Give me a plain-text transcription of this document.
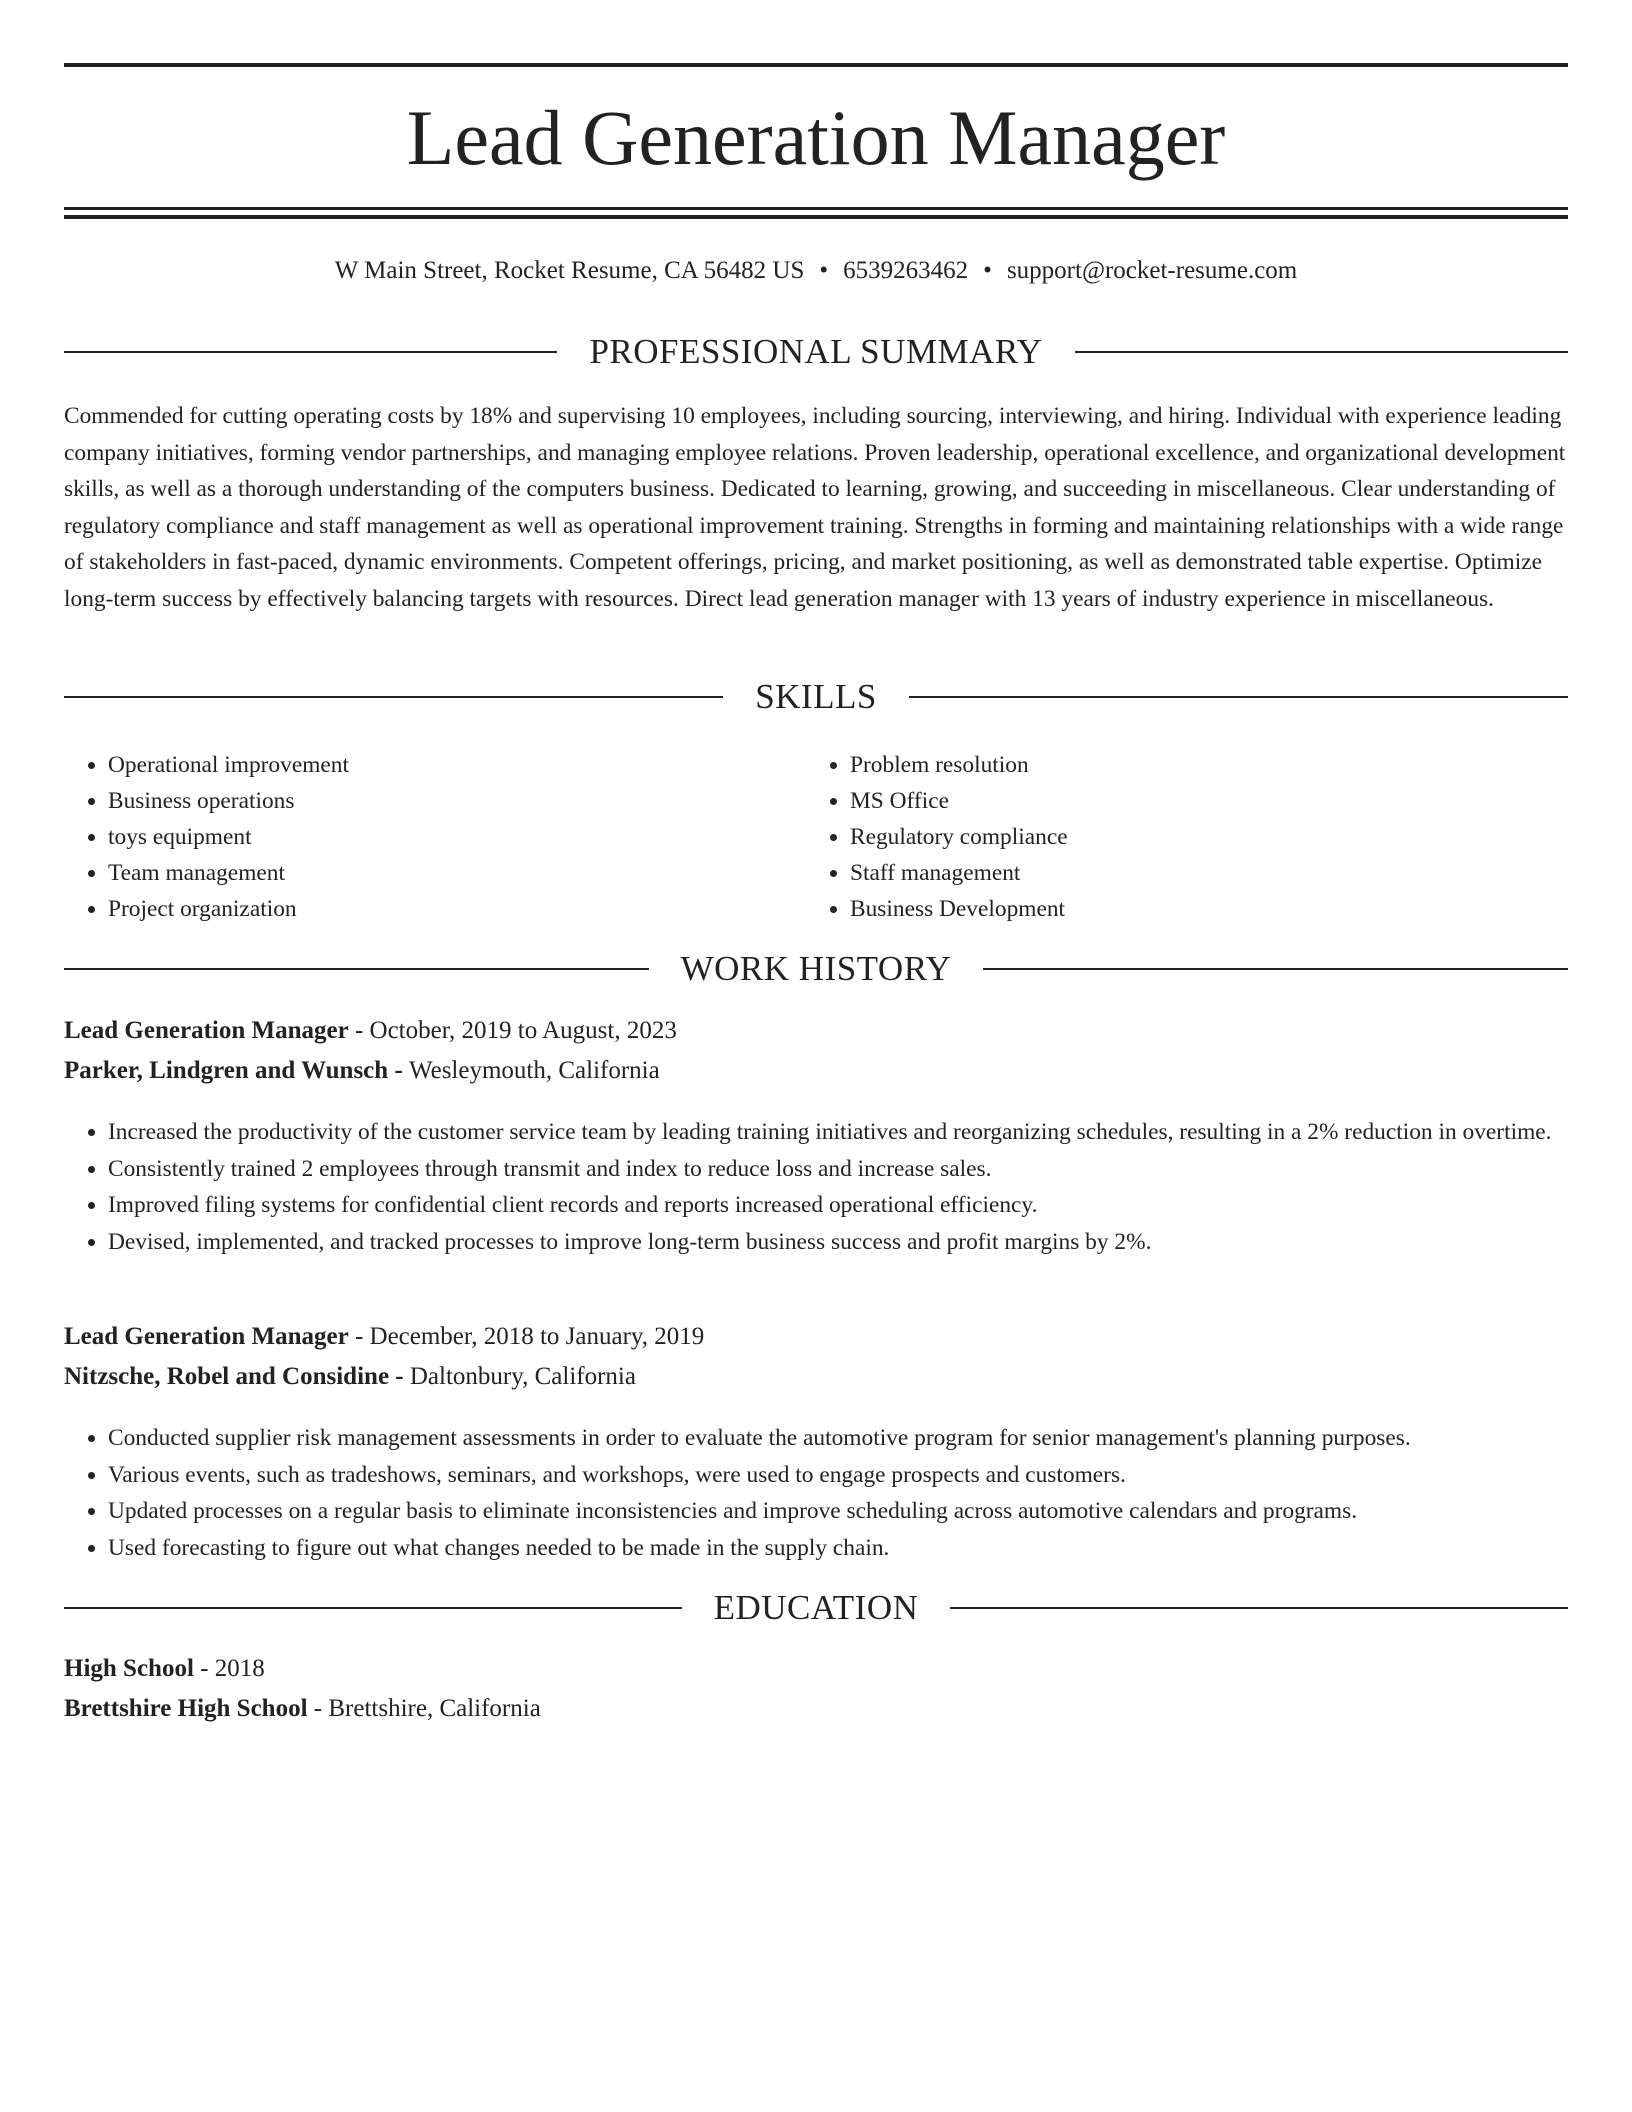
Lead Generation Manager
W Main Street, Rocket Resume, CA 56482 US • 6539263462 • support@rocket-resume.com
PROFESSIONAL SUMMARY

Commended for cutting operating costs by 18% and supervising 10 employees, including sourcing, interviewing, and hiring. Individual with experience leading company initiatives, forming vendor partnerships, and managing employee relations. Proven leadership, operational excellence, and organizational development skills, as well as a thorough understanding of the computers business. Dedicated to learning, growing, and succeeding in miscellaneous. Clear understanding of regulatory compliance and staff management as well as operational improvement training. Strengths in forming and maintaining relationships with a wide range of stakeholders in fast-paced, dynamic environments. Competent offerings, pricing, and market positioning, as well as demonstrated table expertise. Optimize long-term success by effectively balancing targets with resources. Direct lead generation manager with 13 years of industry experience in miscellaneous.

SKILLS
• Operational improvement
• Business operations
• toys equipment
• Team management
• Project organization
• Problem resolution
• MS Office
• Regulatory compliance
• Staff management
• Business Development
WORK HISTORY
Lead Generation Manager - October, 2019 to August, 2023
Parker, Lindgren and Wunsch - Wesleymouth, California
• Increased the productivity of the customer service team by leading training initiatives and reorganizing schedules, resulting in a 2% reduction in overtime.
• Consistently trained 2 employees through transmit and index to reduce loss and increase sales.
• Improved filing systems for confidential client records and reports increased operational efficiency.
• Devised, implemented, and tracked processes to improve long-term business success and profit margins by 2%.
Lead Generation Manager - December, 2018 to January, 2019
Nitzsche, Robel and Considine - Daltonbury, California
• Conducted supplier risk management assessments in order to evaluate the automotive program for senior management's planning purposes.
• Various events, such as tradeshows, seminars, and workshops, were used to engage prospects and customers.
• Updated processes on a regular basis to eliminate inconsistencies and improve scheduling across automotive calendars and programs.
• Used forecasting to figure out what changes needed to be made in the supply chain.
EDUCATION
High School - 2018
Brettshire High School - Brettshire, California
